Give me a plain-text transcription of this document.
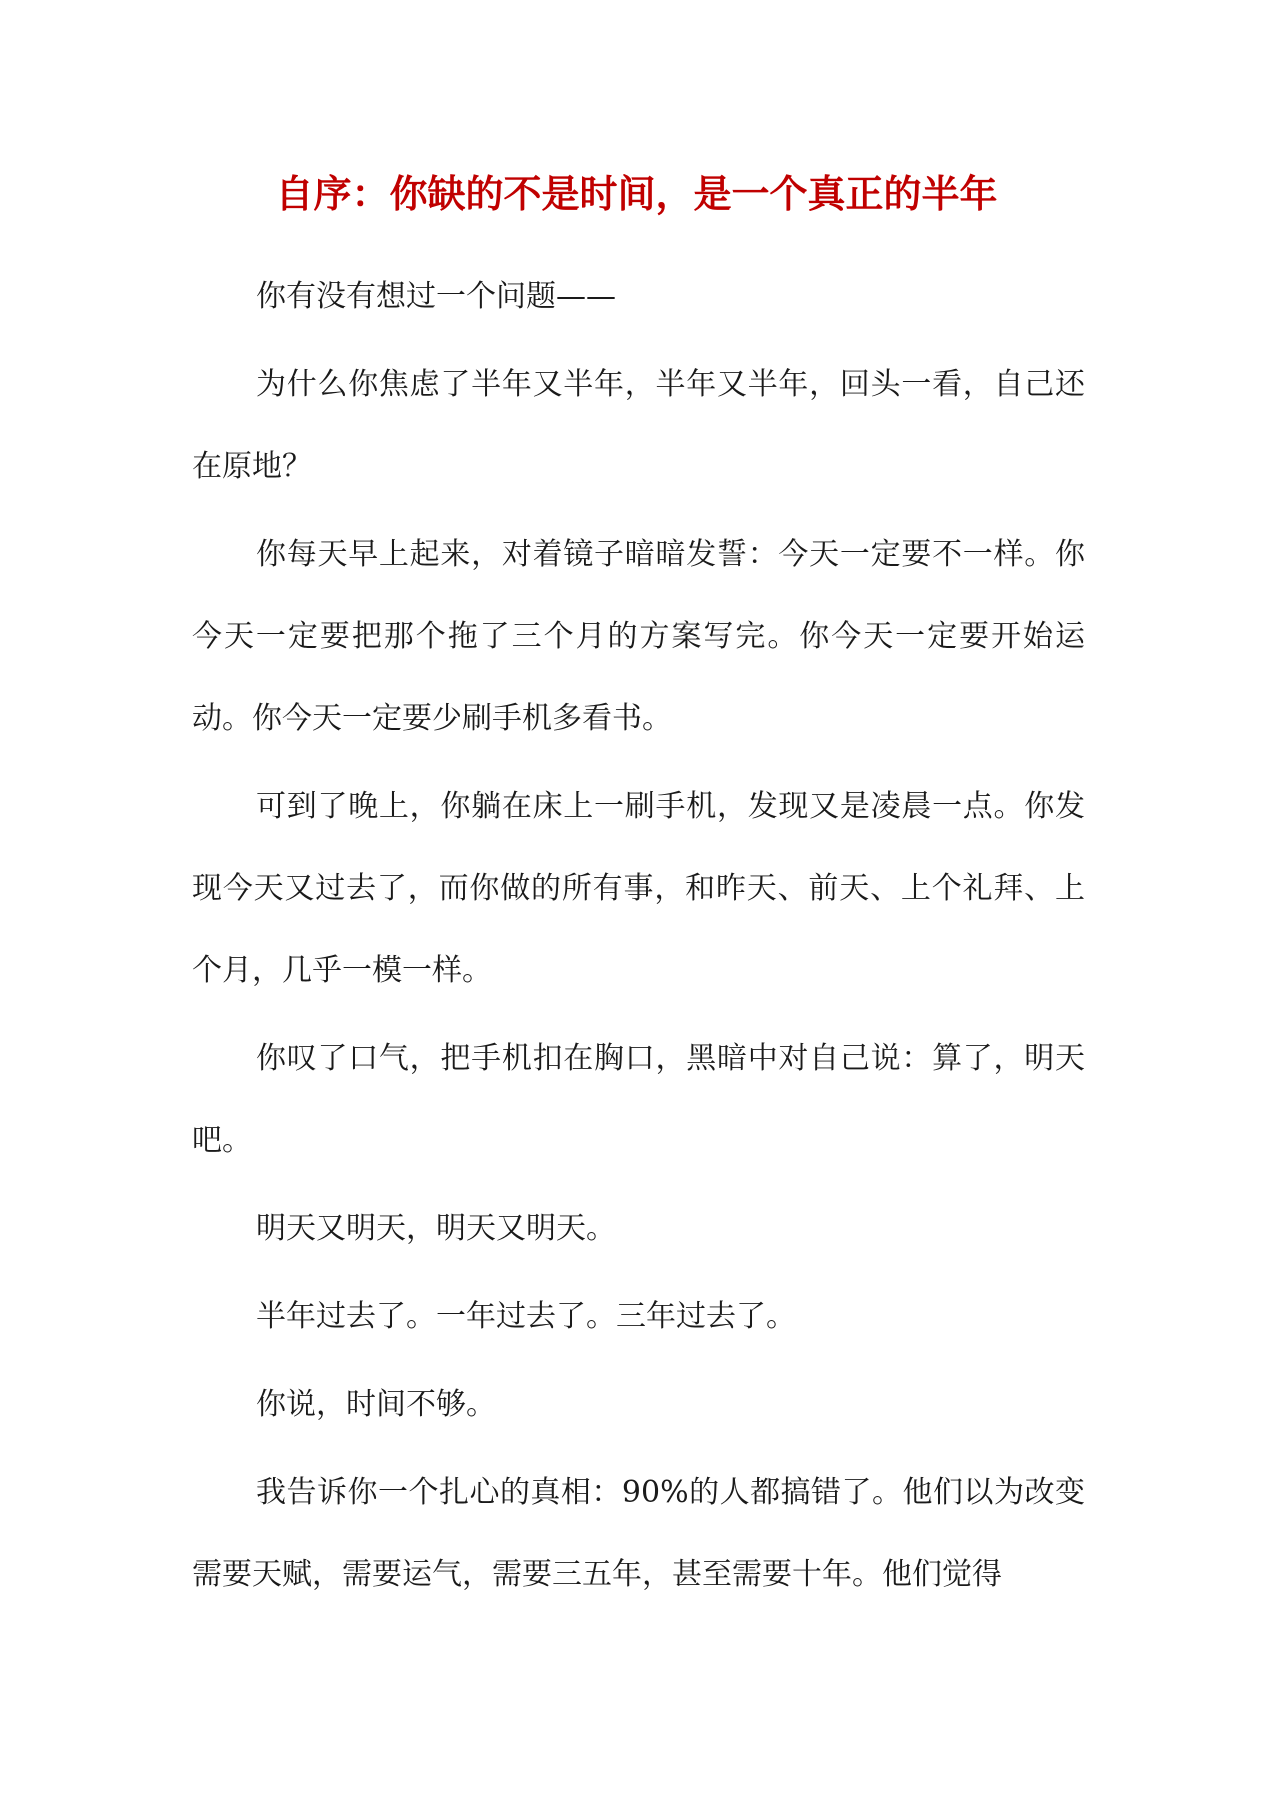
自序：你缺的不是时间，是一个真正的半年

你有没有想过一个问题——

为什么你焦虑了半年又半年，半年又半年，回头一看，自己还在原地？

你每天早上起来，对着镜子暗暗发誓：今天一定要不一样。你今天一定要把那个拖了三个月的方案写完。你今天一定要开始运动。你今天一定要少刷手机多看书。

可到了晚上，你躺在床上一刷手机，发现又是凌晨一点。你发现今天又过去了，而你做的所有事，和昨天、前天、上个礼拜、上个月，几乎一模一样。

你叹了口气，把手机扣在胸口，黑暗中对自己说：算了，明天吧。

明天又明天，明天又明天。

半年过去了。一年过去了。三年过去了。

你说，时间不够。

我告诉你一个扎心的真相：90%的人都搞错了。他们以为改变需要天赋，需要运气，需要三五年，甚至需要十年。他们觉得
